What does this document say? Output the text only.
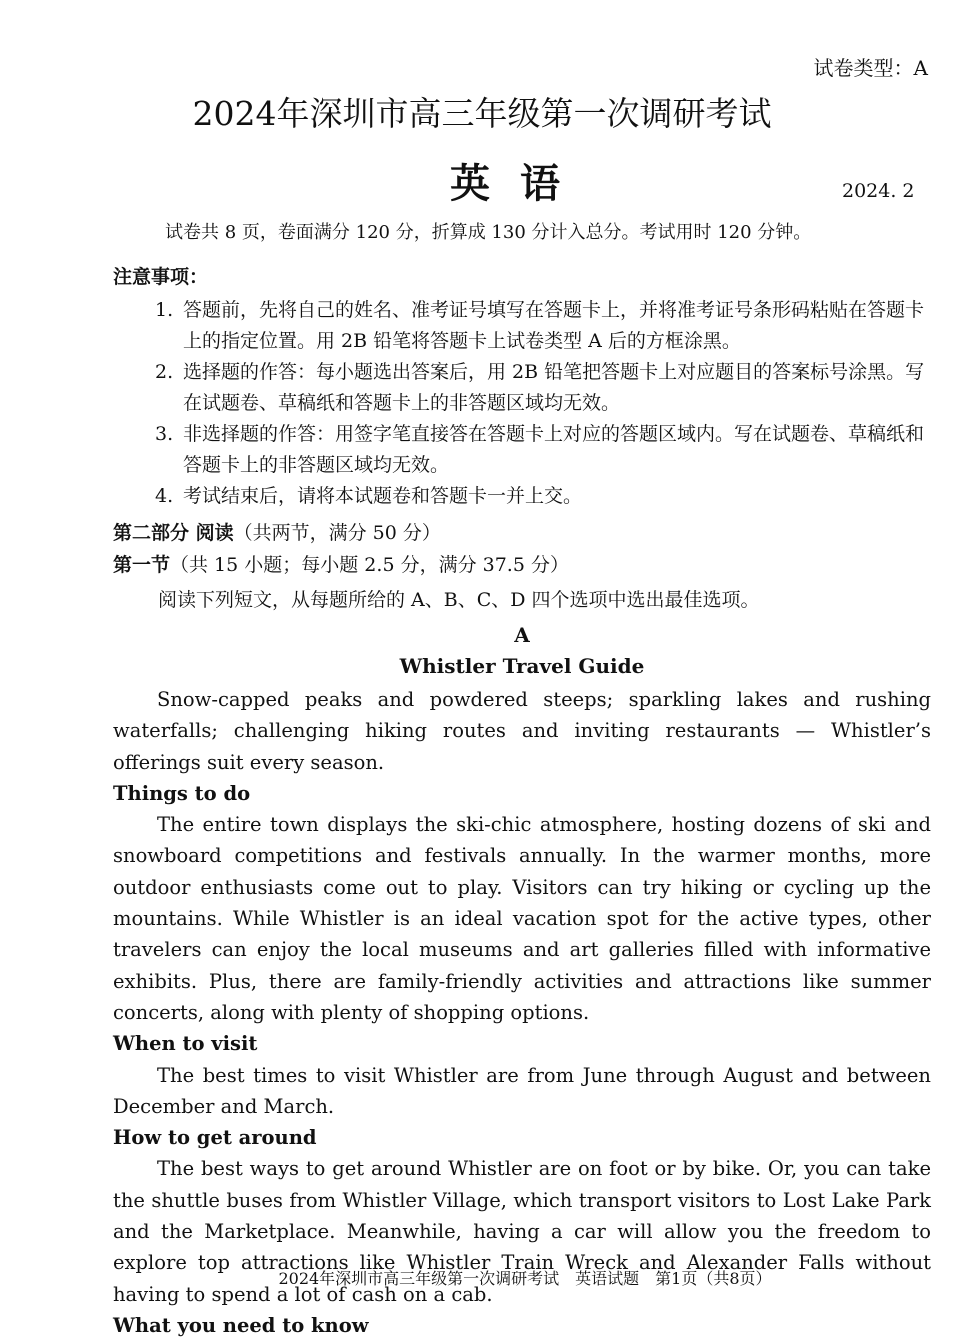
试卷类型：A
2024年深圳市高三年级第一次调研考试
英语	2024. 2
试卷共 8 页，卷面满分 120 分，折算成 130 分计入总分。考试用时 120 分钟。
注意事项：
1. 答题前，先将自己的姓名、准考证号填写在答题卡上，并将准考证号条形码粘贴在答题卡上的指定位置。用 2B 铅笔将答题卡上试卷类型 A 后的方框涂黑。
2. 选择题的作答：每小题选出答案后，用 2B 铅笔把答题卡上对应题目的答案标号涂黑。写在试题卷、草稿纸和答题卡上的非答题区域均无效。
3. 非选择题的作答：用签字笔直接答在答题卡上对应的答题区域内。写在试题卷、草稿纸和答题卡上的非答题区域均无效。
4. 考试结束后，请将本试题卷和答题卡一并上交。
第二部分 阅读（共两节，满分 50 分）
第一节（共 15 小题；每小题 2.5 分，满分 37.5 分）
阅读下列短文，从每题所给的 A、B、C、D 四个选项中选出最佳选项。
A
Whistler Travel Guide

Snow-capped peaks and powdered steeps; sparkling lakes and rushing waterfalls; challenging hiking routes and inviting restaurants — Whistler’s offerings suit every season.

Things to do

The entire town displays the ski-chic atmosphere, hosting dozens of ski and snowboard competitions and festivals annually. In the warmer months, more outdoor enthusiasts come out to play. Visitors can try hiking or cycling up the mountains. While Whistler is an ideal vacation spot for the active types, other travelers can enjoy the local museums and art galleries filled with informative exhibits. Plus, there are family-friendly activities and attractions like summer concerts, along with plenty of shopping options.

When to visit

The best times to visit Whistler are from June through August and between December and March.

How to get around

The best ways to get around Whistler are on foot or by bike. Or, you can take the shuttle buses from Whistler Village, which transport visitors to Lost Lake Park and the Marketplace. Meanwhile, having a car will allow you the freedom to explore top attractions like Whistler Train Wreck and Alexander Falls without having to spend a lot of cash on a cab.

What you need to know
2024年深圳市高三年级第一次调研考试　英语试题　第1页（共8页）
